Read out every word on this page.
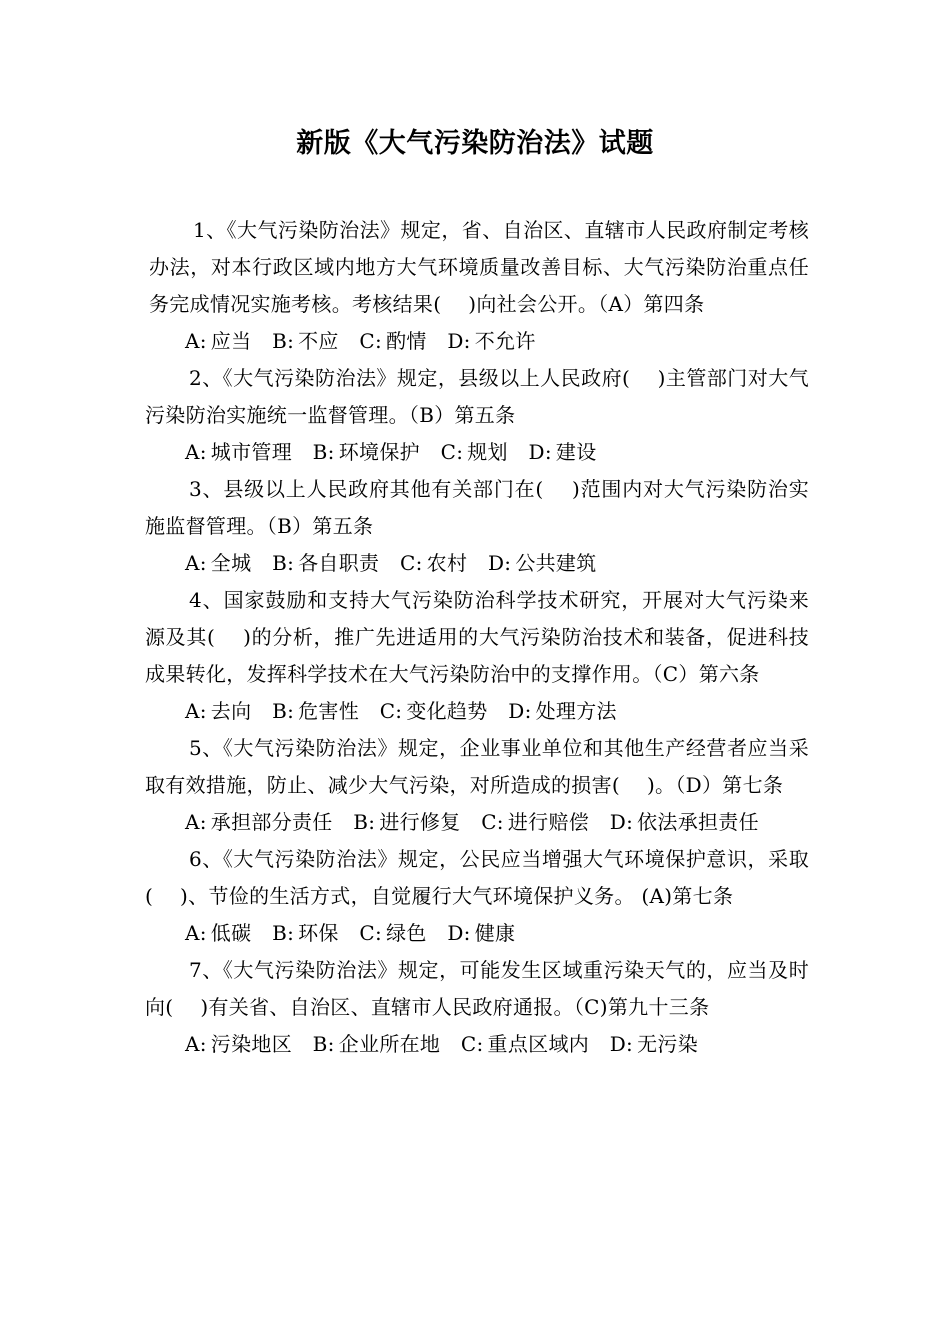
新版《大气污染防治法》试题

1、《大气污染防治法》规定，省、自治区、直辖市人民政府制定考核办法，对本行政区域内地方大气环境质量改善目标、大气污染防治重点任务完成情况实施考核。考核结果(　 )向社会公开。（A）第四条

A: 应当 B: 不应 C: 酌情 D: 不允许

2、《大气污染防治法》规定，县级以上人民政府(　 )主管部门对大气污染防治实施统一监督管理。（B）第五条

A: 城市管理 B: 环境保护 C: 规划 D: 建设

3、县级以上人民政府其他有关部门在(　 )范围内对大气污染防治实施监督管理。（B）第五条

A: 全城 B: 各自职责 C: 农村 D: 公共建筑

4、国家鼓励和支持大气污染防治科学技术研究，开展对大气污染来源及其(　 )的分析，推广先进适用的大气污染防治技术和装备，促进科技成果转化，发挥科学技术在大气污染防治中的支撑作用。（C）第六条

A: 去向 B: 危害性 C: 变化趋势 D: 处理方法

5、《大气污染防治法》规定，企业事业单位和其他生产经营者应当采取有效措施，防止、减少大气污染，对所造成的损害(　 )。（D）第七条

A: 承担部分责任 B: 进行修复 C: 进行赔偿 D: 依法承担责任

6、《大气污染防治法》规定，公民应当增强大气环境保护意识，采取(　 )、节俭的生活方式，自觉履行大气环境保护义务。 (A)第七条

A: 低碳 B: 环保 C: 绿色 D: 健康

7、《大气污染防治法》规定，可能发生区域重污染天气的，应当及时向(　 )有关省、自治区、直辖市人民政府通报。（C)第九十三条

A: 污染地区 B: 企业所在地 C: 重点区域内 D: 无污染
